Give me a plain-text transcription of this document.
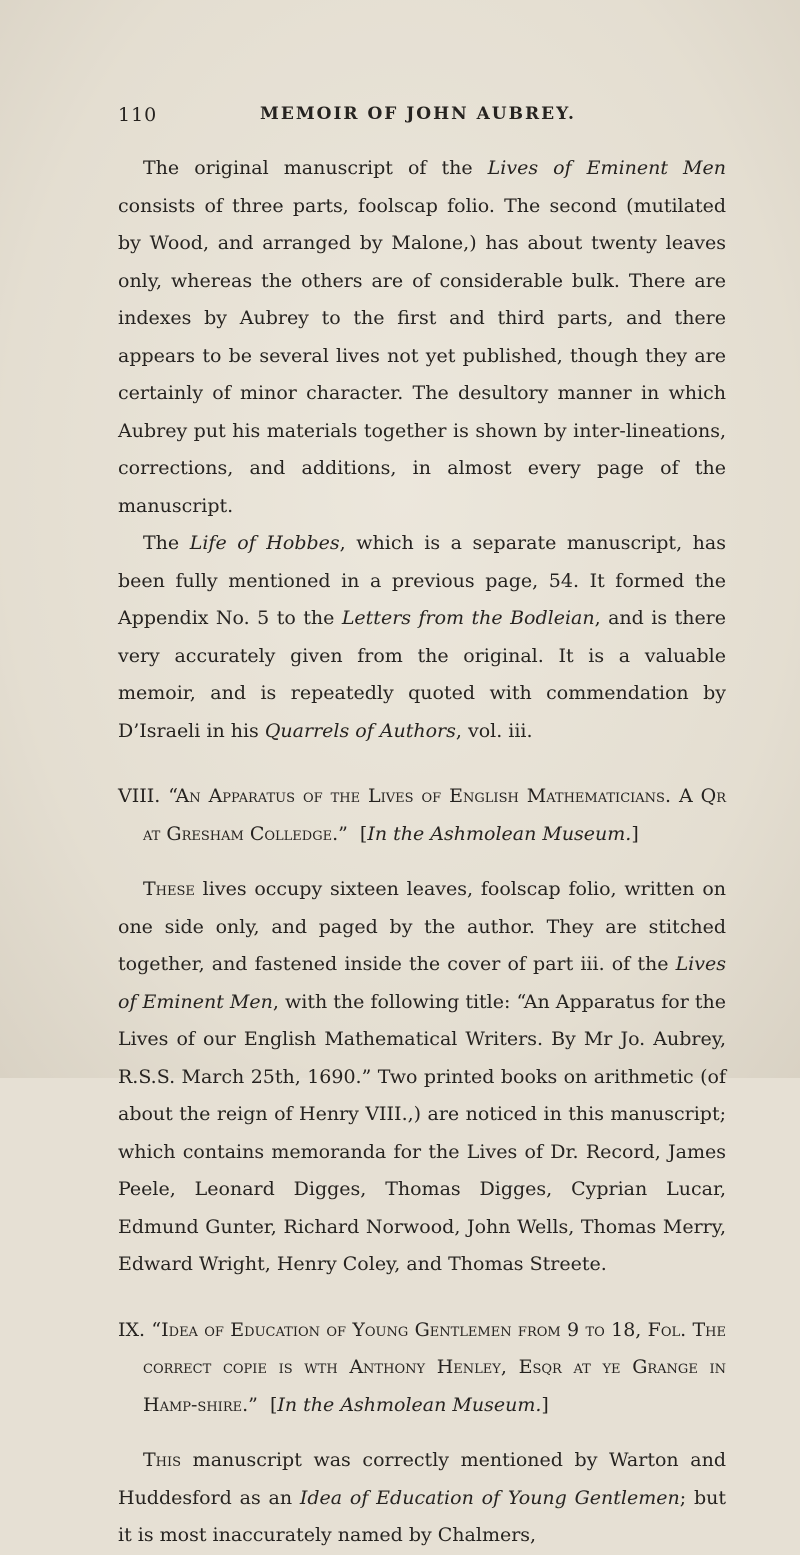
110	MEMOIR OF JOHN AUBREY.

The original manuscript of the Lives of Eminent Men consists of three parts, foolscap folio. The second (mutilated by Wood, and arranged by Malone,) has about twenty leaves only, whereas the others are of considerable bulk. There are indexes by Aubrey to the first and third parts, and there appears to be several lives not yet published, though they are certainly of minor character. The desultory manner in which Aubrey put his materials together is shown by inter-lineations, corrections, and additions, in almost every page of the manuscript.

The Life of Hobbes, which is a separate manuscript, has been fully mentioned in a previous page, 54. It formed the Appendix No. 5 to the Letters from the Bodleian, and is there very accurately given from the original. It is a valuable memoir, and is repeatedly quoted with commendation by D’Israeli in his Quarrels of Authors, vol. iii.

VIII. “An Apparatus of the Lives of English Mathematicians. A Qr at Gresham Colledge.” [In the Ashmolean Museum.]

These lives occupy sixteen leaves, foolscap folio, written on one side only, and paged by the author. They are stitched together, and fastened inside the cover of part iii. of the Lives of Eminent Men, with the following title: “An Apparatus for the Lives of our English Mathematical Writers. By Mr Jo. Aubrey, R.S.S. March 25th, 1690.” Two printed books on arithmetic (of about the reign of Henry VIII.,) are noticed in this manuscript; which contains memoranda for the Lives of Dr. Record, James Peele, Leonard Digges, Thomas Digges, Cyprian Lucar, Edmund Gunter, Richard Norwood, John Wells, Thomas Merry, Edward Wright, Henry Coley, and Thomas Streete.

IX. “Idea of Education of Young Gentlemen from 9 to 18, Fol. The correct copie is wth Anthony Henley, Esqr at ye Grange in Hamp-shire.” [In the Ashmolean Museum.]

This manuscript was correctly mentioned by Warton and Huddesford as an Idea of Education of Young Gentlemen; but it is most inaccurately named by Chalmers,
